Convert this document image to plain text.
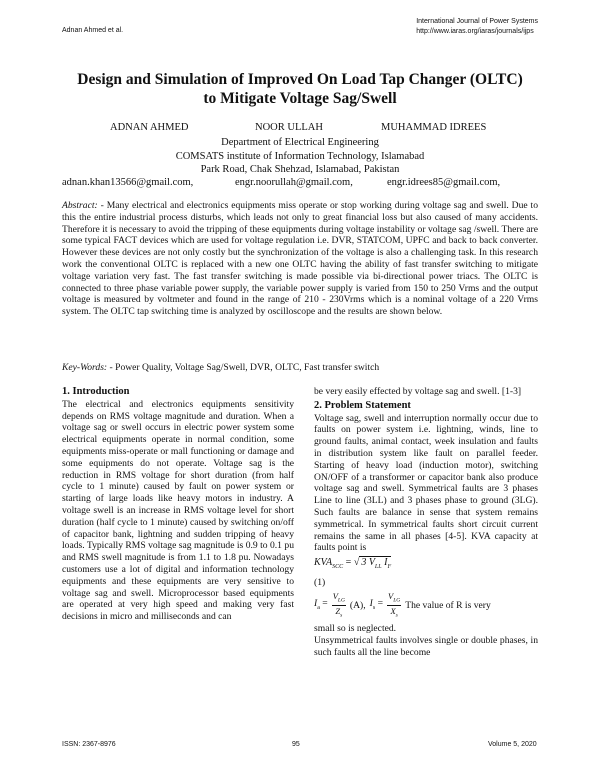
Adnan Ahmed et al.
International Journal of Power Systems
http://www.iaras.org/iaras/journals/ijps
Design and Simulation of Improved On Load Tap Changer (OLTC)
to Mitigate Voltage Sag/Swell
ADNAN AHMED	NOOR ULLAH	MUHAMMAD IDREES
Department of Electrical Engineering
COMSATS institute of Information Technology, Islamabad
Park Road, Chak Shehzad, Islamabad, Pakistan
adnan.khan13566@gmail.com,	engr.noorullah@gmail.com,	engr.idrees85@gmail.com,

Abstract: - Many electrical and electronics equipments miss operate or stop working during voltage sag and swell. Due to this the entire industrial process disturbs, which leads not only to great financial loss but also caused of many accidents. Therefore it is necessary to avoid the tripping of these equipments during voltage instability or voltage sag /swell. There are some typical FACT devices which are used for voltage regulation i.e. DVR, STATCOM, UPFC and back to back converter. However these devices are not only costly but the synchronization of the voltage is also a challenging task. In this research work the conventional OLTC is replaced with a new one OLTC having the ability of fast transfer switching to mitigate voltage variation very fast. The fast transfer switching is made possible via bi-directional power triacs. The OLTC is connected to three phase variable power supply, the variable power supply is varied from 150 to 250 Vrms and the output voltage is measured by voltmeter and found in the range of 210 - 230Vrms which is a nominal voltage of a 220 Vrms system. The OLTC tap switching time is analyzed by oscilloscope and the results are shown below.

Key-Words: - Power Quality, Voltage Sag/Swell, DVR, OLTC, Fast transfer switch

1. Introduction

The electrical and electronics equipments sensitivity depends on RMS voltage magnitude and duration. When a voltage sag or swell occurs in electric power system some electrical equipments operate in normal condition, some equipments miss-operate or mall functioning or damage and some equipments do not operate. Voltage sag is the reduction in RMS voltage for short duration (from half cycle to 1 minute) caused by fault on power system or starting of large loads like heavy motors in industry. A voltage swell is an increase in RMS voltage level for short duration (half cycle to 1 minute) caused by switching on/off of capacitor bank, lightning and sudden tripping of heavy loads. Typically RMS voltage sag magnitude is 0.9 to 0.1 pu and RMS swell magnitude is from 1.1 to 1.8 pu. Nowadays customers use a lot of digital and information technology equipments and these equipments are very sensitive to voltage sag and swell. Microprocessor based equipments are operated at very high speed and making very fast decisions in micro and milliseconds and can

be very easily effected by voltage sag and swell. [1-3]

2. Problem Statement

Voltage sag, swell and interruption normally occur due to faults on power system i.e. lightning, winds, line to ground faults, animal contact, week insulation and faults in distribution system like fault on parallel feeder. Starting of heavy load (induction motor), switching ON/OFF of a transformer or capacitor bank also produce voltage sag and swell. Symmetrical faults are 3 phases Line to line (3LL) and 3 phases phase to ground (3LG). Such faults are balance in sense that system remains symmetrical. In symmetrical faults short circuit current remains the same in all phases [4-5]. KVA capacity at faults point is

$KVA_{SCC}$ = √ 3 $V_{LL}$ $I_F$

(1)

$I_a = \frac{V_{LG}}{Z_s} (A)$, $I_s = \frac{V_{LG}}{X_s}$ The value of R is very

small so is neglected.

Unsymmetrical faults involves single or double phases, in such faults all the line become

ISSN: 2367-8976	95	Volume 5, 2020
